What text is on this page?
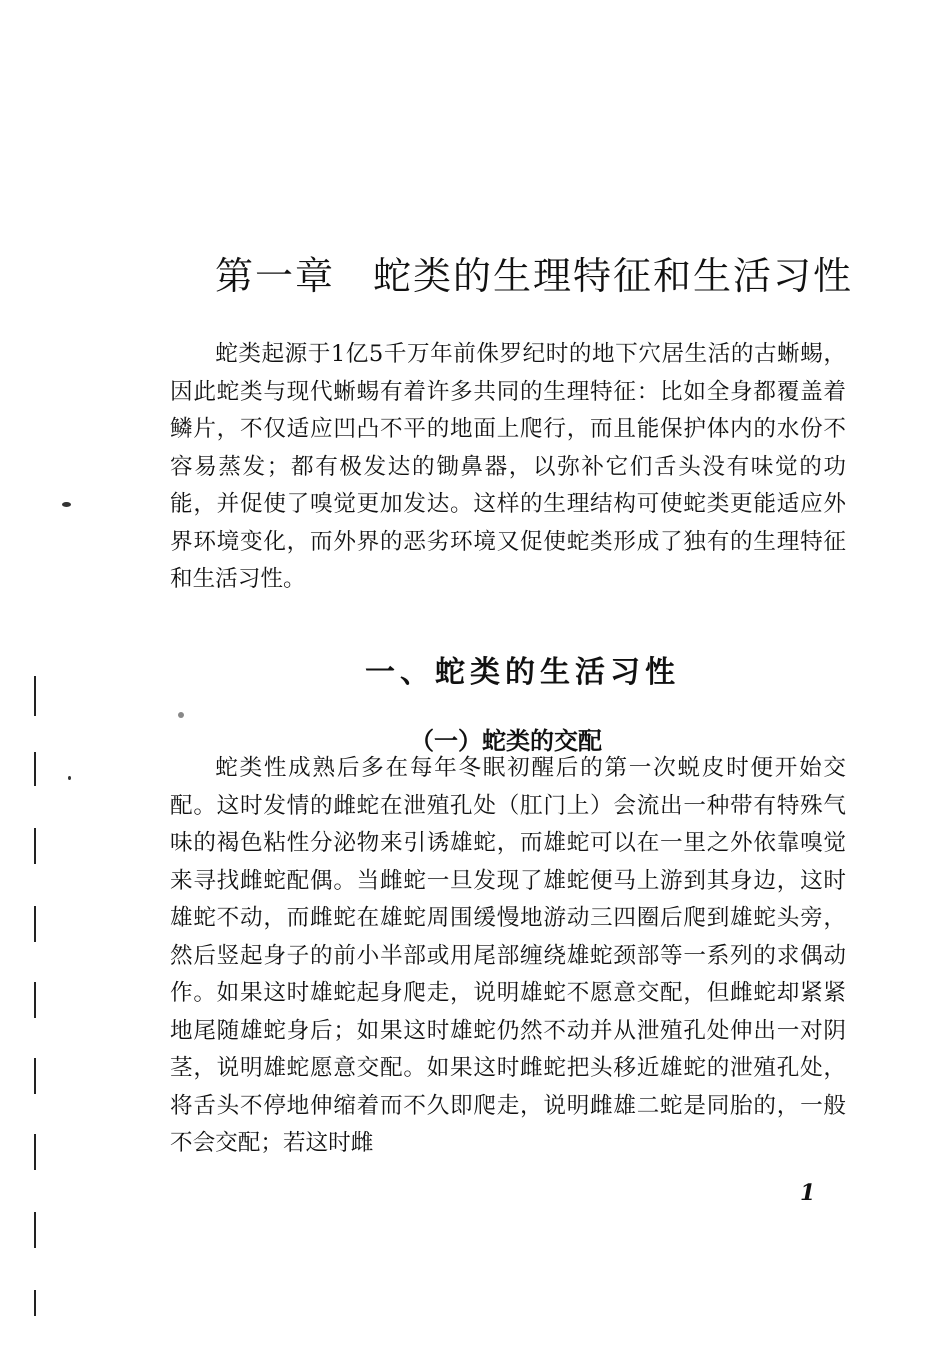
第一章 蛇类的生理特征和生活习性

蛇类起源于1亿5千万年前侏罗纪时的地下穴居生活的古蜥蜴，因此蛇类与现代蜥蜴有着许多共同的生理特征：比如全身都覆盖着鳞片，不仅适应凹凸不平的地面上爬行，而且能保护体内的水份不容易蒸发；都有极发达的锄鼻器，以弥补它们舌头没有味觉的功能，并促使了嗅觉更加发达。这样的生理结构可使蛇类更能适应外界环境变化，而外界的恶劣环境又促使蛇类形成了独有的生理特征和生活习性。

一、蛇类的生活习性
（一）蛇类的交配

蛇类性成熟后多在每年冬眠初醒后的第一次蜕皮时便开始交配。这时发情的雌蛇在泄殖孔处（肛门上）会流出一种带有特殊气味的褐色粘性分泌物来引诱雄蛇，而雄蛇可以在一里之外依靠嗅觉来寻找雌蛇配偶。当雌蛇一旦发现了雄蛇便马上游到其身边，这时雄蛇不动，而雌蛇在雄蛇周围缓慢地游动三四圈后爬到雄蛇头旁，然后竖起身子的前小半部或用尾部缠绕雄蛇颈部等一系列的求偶动作。如果这时雄蛇起身爬走，说明雄蛇不愿意交配，但雌蛇却紧紧地尾随雄蛇身后；如果这时雄蛇仍然不动并从泄殖孔处伸出一对阴茎，说明雄蛇愿意交配。如果这时雌蛇把头移近雄蛇的泄殖孔处，将舌头不停地伸缩着而不久即爬走，说明雌雄二蛇是同胎的，一般不会交配；若这时雌

1
